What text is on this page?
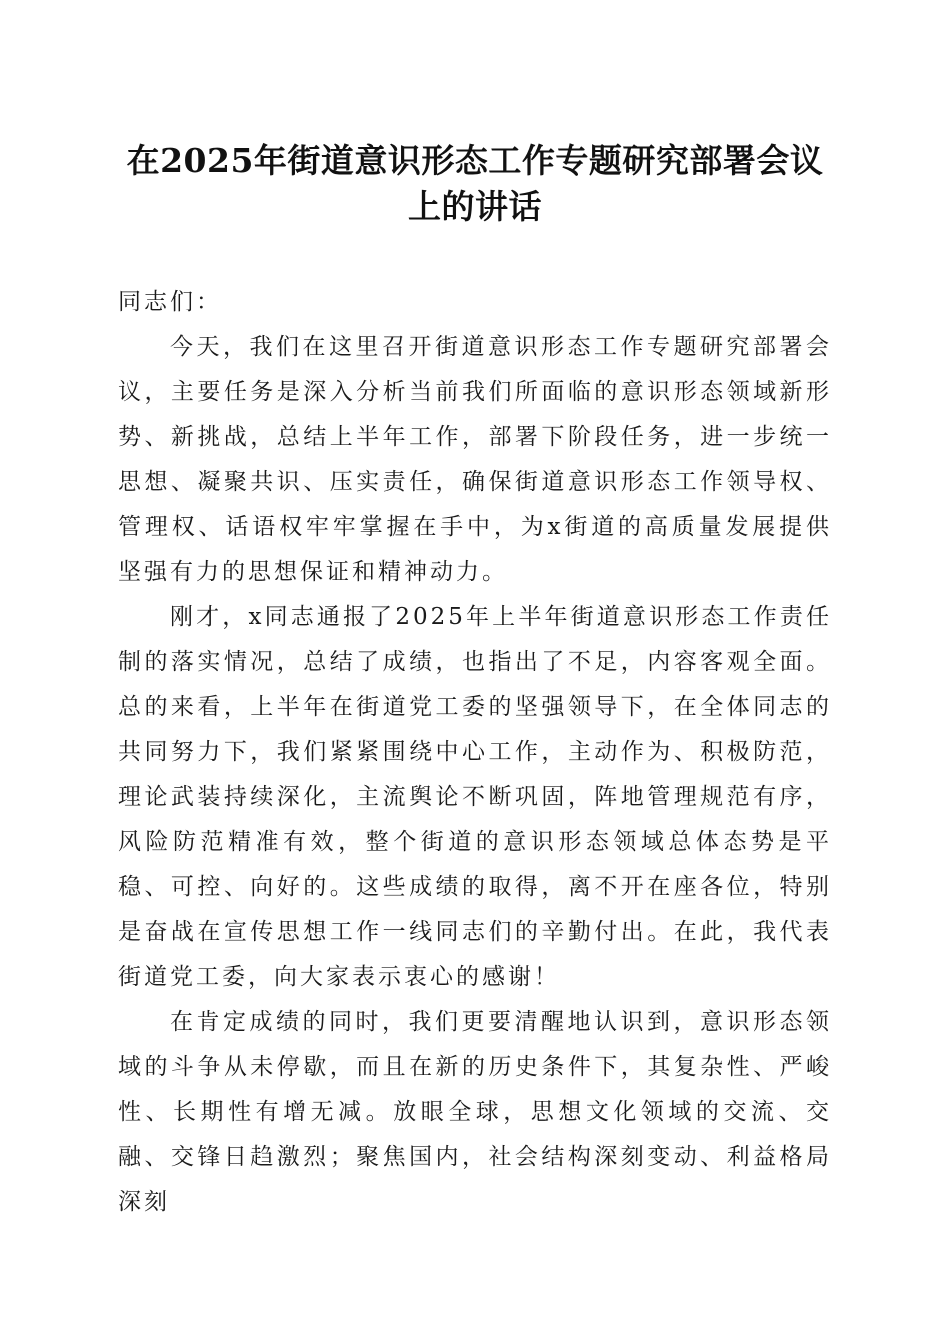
在2025年街道意识形态工作专题研究部署会议上的讲话

同志们：

今天，我们在这里召开街道意识形态工作专题研究部署会议，主要任务是深入分析当前我们所面临的意识形态领域新形势、新挑战，总结上半年工作，部署下阶段任务，进一步统一思想、凝聚共识、压实责任，确保街道意识形态工作领导权、管理权、话语权牢牢掌握在手中，为x街道的高质量发展提供坚强有力的思想保证和精神动力。

刚才，x同志通报了2025年上半年街道意识形态工作责任制的落实情况，总结了成绩，也指出了不足，内容客观全面。总的来看，上半年在街道党工委的坚强领导下，在全体同志的共同努力下，我们紧紧围绕中心工作，主动作为、积极防范，理论武装持续深化，主流舆论不断巩固，阵地管理规范有序，风险防范精准有效，整个街道的意识形态领域总体态势是平稳、可控、向好的。这些成绩的取得，离不开在座各位，特别是奋战在宣传思想工作一线同志们的辛勤付出。在此，我代表街道党工委，向大家表示衷心的感谢！

在肯定成绩的同时，我们更要清醒地认识到，意识形态领域的斗争从未停歇，而且在新的历史条件下，其复杂性、严峻性、长期性有增无减。放眼全球，思想文化领域的交流、交融、交锋日趋激烈；聚焦国内，社会结构深刻变动、利益格局深刻
